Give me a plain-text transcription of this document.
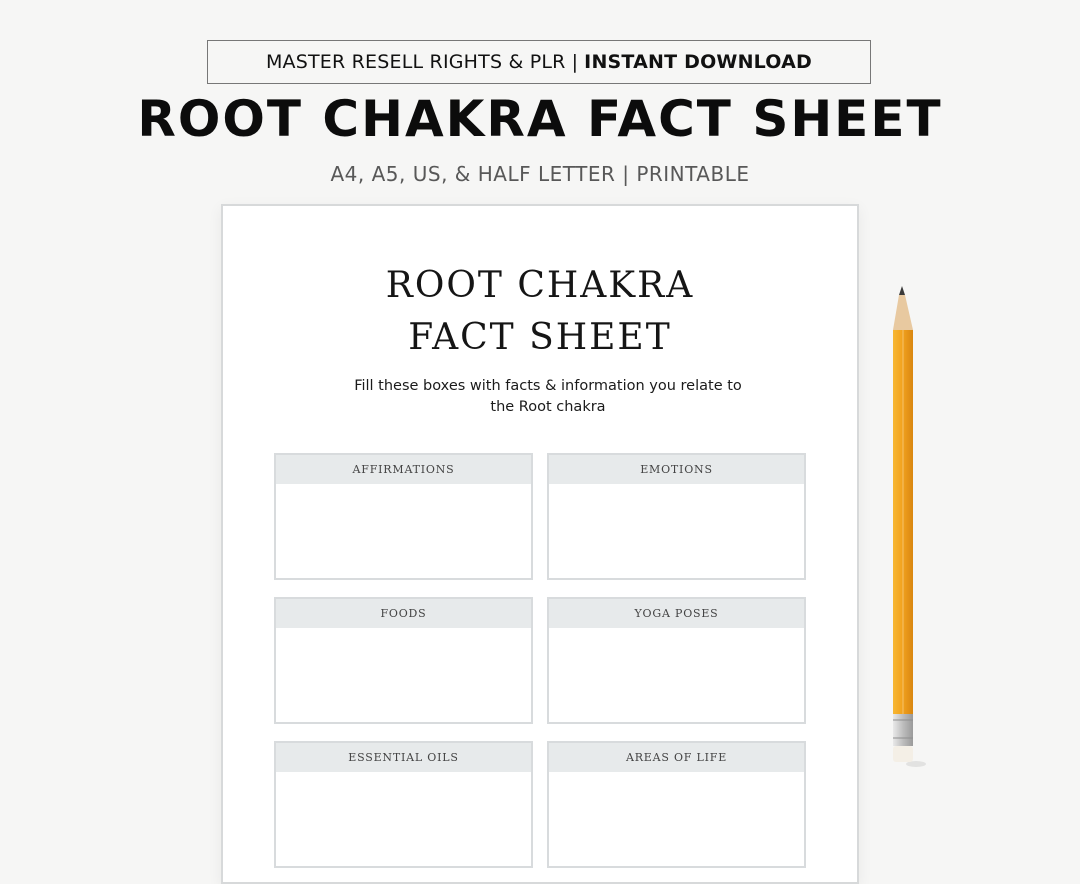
MASTER RESELL RIGHTS & PLR | INSTANT DOWNLOAD
ROOT CHAKRA FACT SHEET
A4, A5, US, & HALF LETTER | PRINTABLE
ROOT CHAKRA
FACT SHEET
Fill these boxes with facts & information you relate to the Root chakra
AFFIRMATIONS	EMOTIONS
FOODS	YOGA POSES
ESSENTIAL OILS	AREAS OF LIFE
